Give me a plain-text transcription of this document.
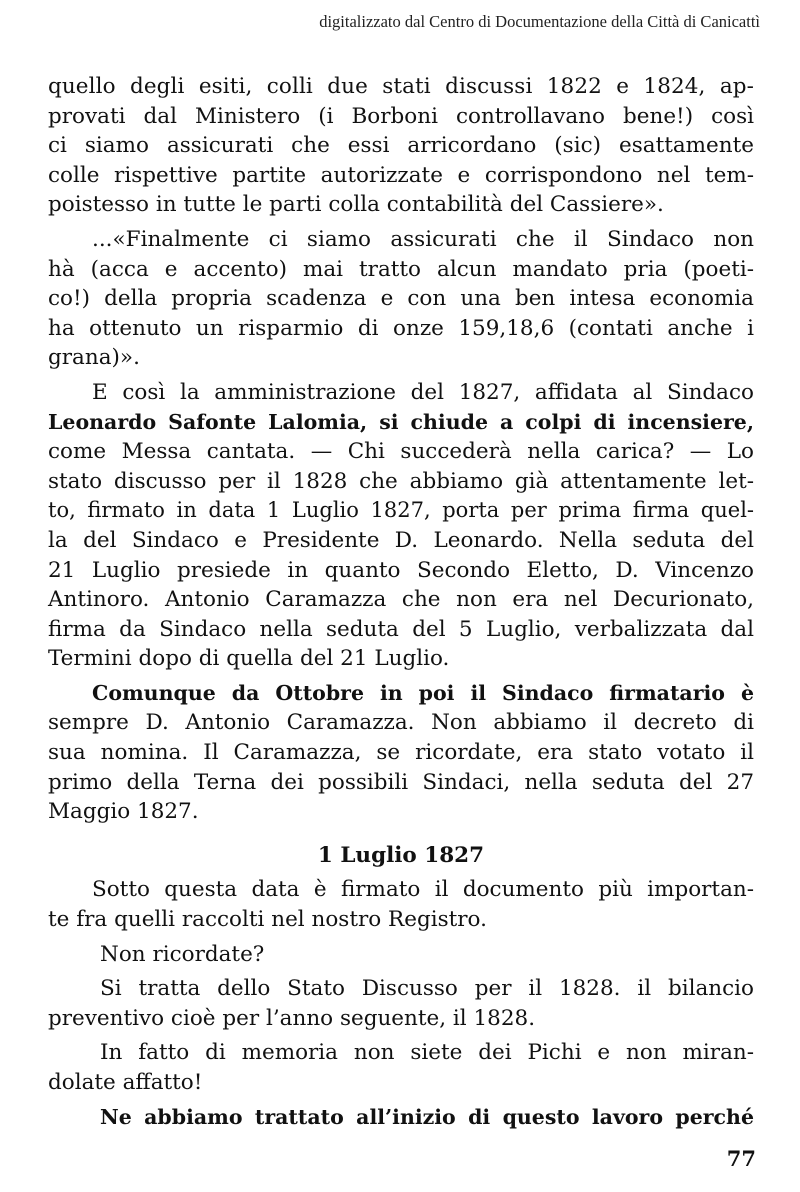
digitalizzato dal Centro di Documentazione della Città di Canicattì
quello degli esiti, colli due stati discussi 1822 e 1824, ap-
provati dal Ministero (i Borboni controllavano bene!) così
ci siamo assicurati che essi arricordano (sic) esattamente
colle rispettive partite autorizzate e corrispondono nel tem-
poistesso in tutte le parti colla contabilità del Cassiere».
...«Finalmente ci siamo assicurati che il Sindaco non
hà (acca e accento) mai tratto alcun mandato pria (poeti-
co!) della propria scadenza e con una ben intesa economia
ha ottenuto un risparmio di onze 159,18,6 (contati anche i
grana)».
E così la amministrazione del 1827, affidata al Sindaco
Leonardo Safonte Lalomia, si chiude a colpi di incensiere,
come Messa cantata. — Chi succederà nella carica? — Lo
stato discusso per il 1828 che abbiamo già attentamente let-
to, firmato in data 1 Luglio 1827, porta per prima firma quel-
la del Sindaco e Presidente D. Leonardo. Nella seduta del
21 Luglio presiede in quanto Secondo Eletto, D. Vincenzo
Antinoro. Antonio Caramazza che non era nel Decurionato,
firma da Sindaco nella seduta del 5 Luglio, verbalizzata dal
Termini dopo di quella del 21 Luglio.
Comunque da Ottobre in poi il Sindaco firmatario è
sempre D. Antonio Caramazza. Non abbiamo il decreto di
sua nomina. Il Caramazza, se ricordate, era stato votato il
primo della Terna dei possibili Sindaci, nella seduta del 27
Maggio 1827.
1 Luglio 1827
Sotto questa data è firmato il documento più importan-
te fra quelli raccolti nel nostro Registro.
Non ricordate?
Si tratta dello Stato Discusso per il 1828. il bilancio
preventivo cioè per l’anno seguente, il 1828.
In fatto di memoria non siete dei Pichi e non miran-
dolate affatto!
Ne abbiamo trattato all’inizio di questo lavoro perché
77
